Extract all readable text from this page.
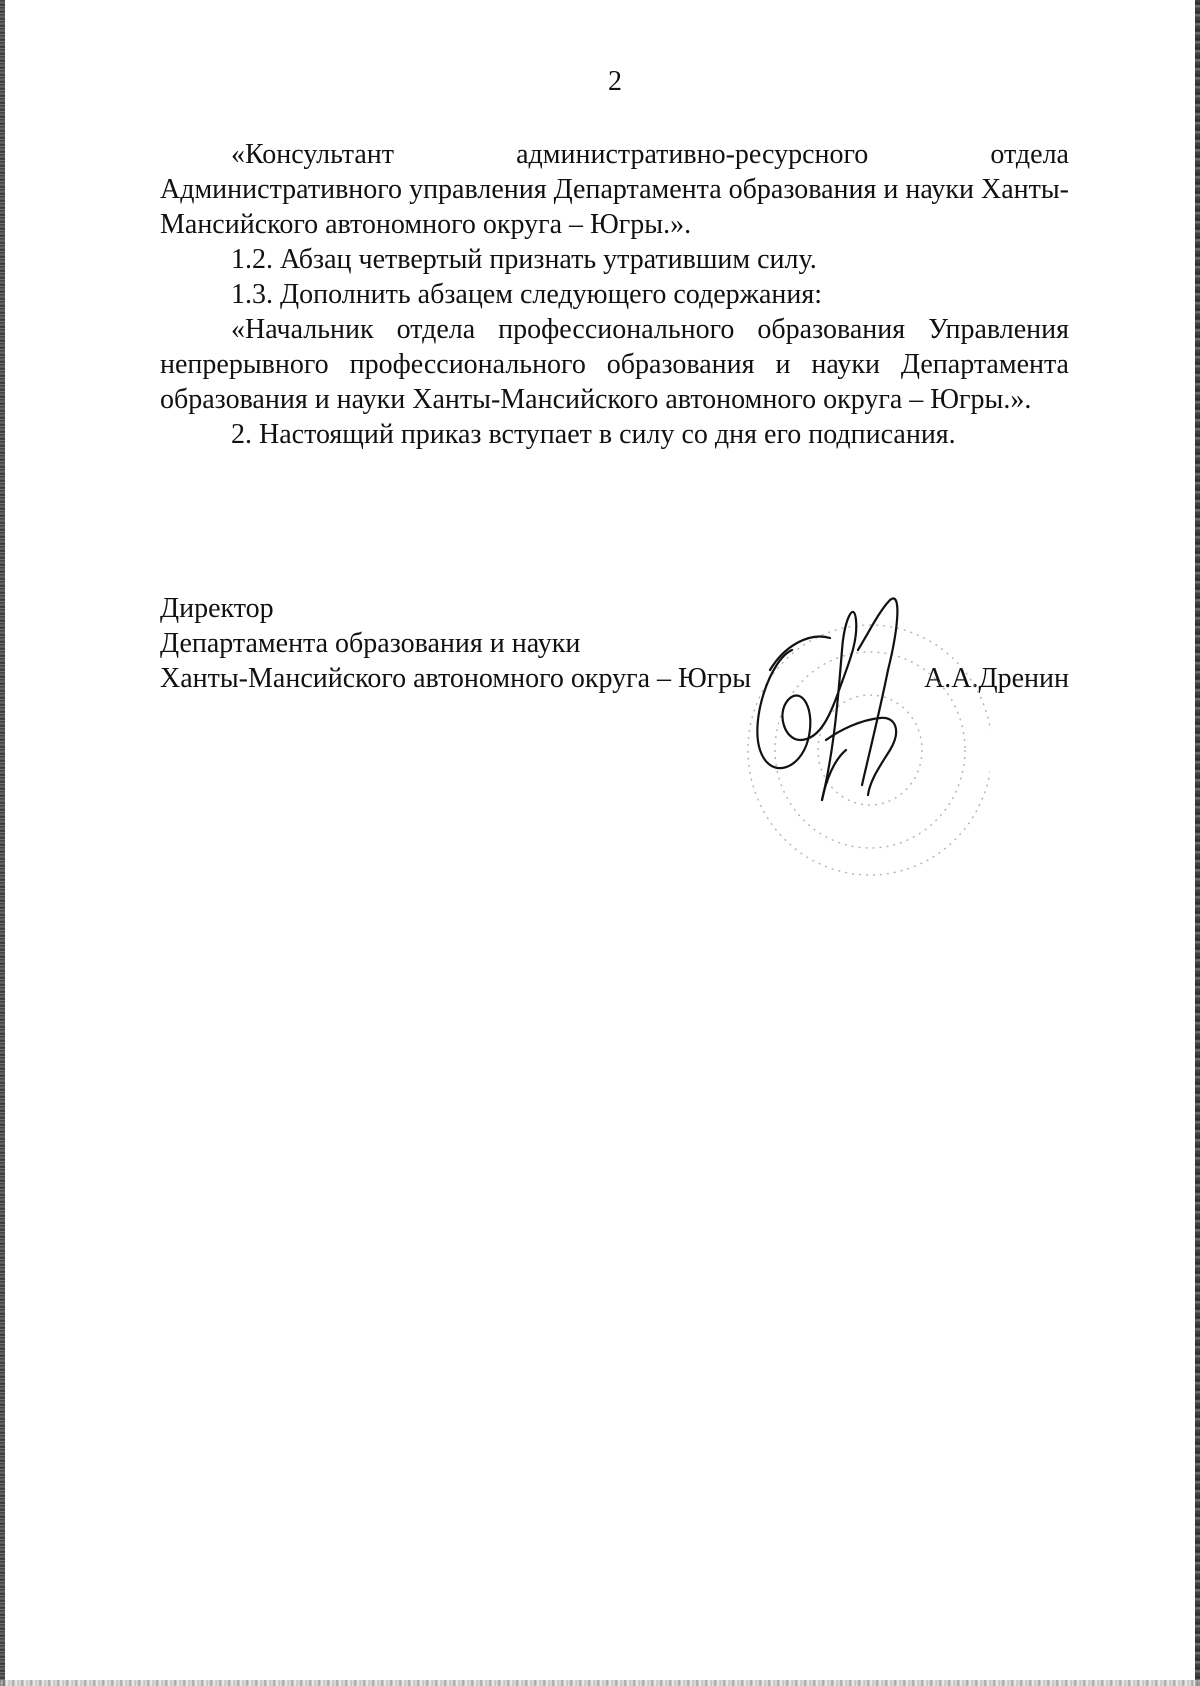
2
«Консультант	административно-ресурсного	отдела

Административного управления Департамента образования и науки Ханты-Мансийского автономного округа – Югры.».

1.2. Абзац четвертый признать утратившим силу.

1.3. Дополнить абзацем следующего содержания:

«Начальник отдела профессионального образования Управления непрерывного профессионального образования и науки Департамента образования и науки Ханты-Мансийского автономного округа – Югры.».

2. Настоящий приказ вступает в силу со дня его подписания.

Директор

Департамента образования и науки

Ханты-Мансийского автономного округа – Югры	А.А.Дренин
